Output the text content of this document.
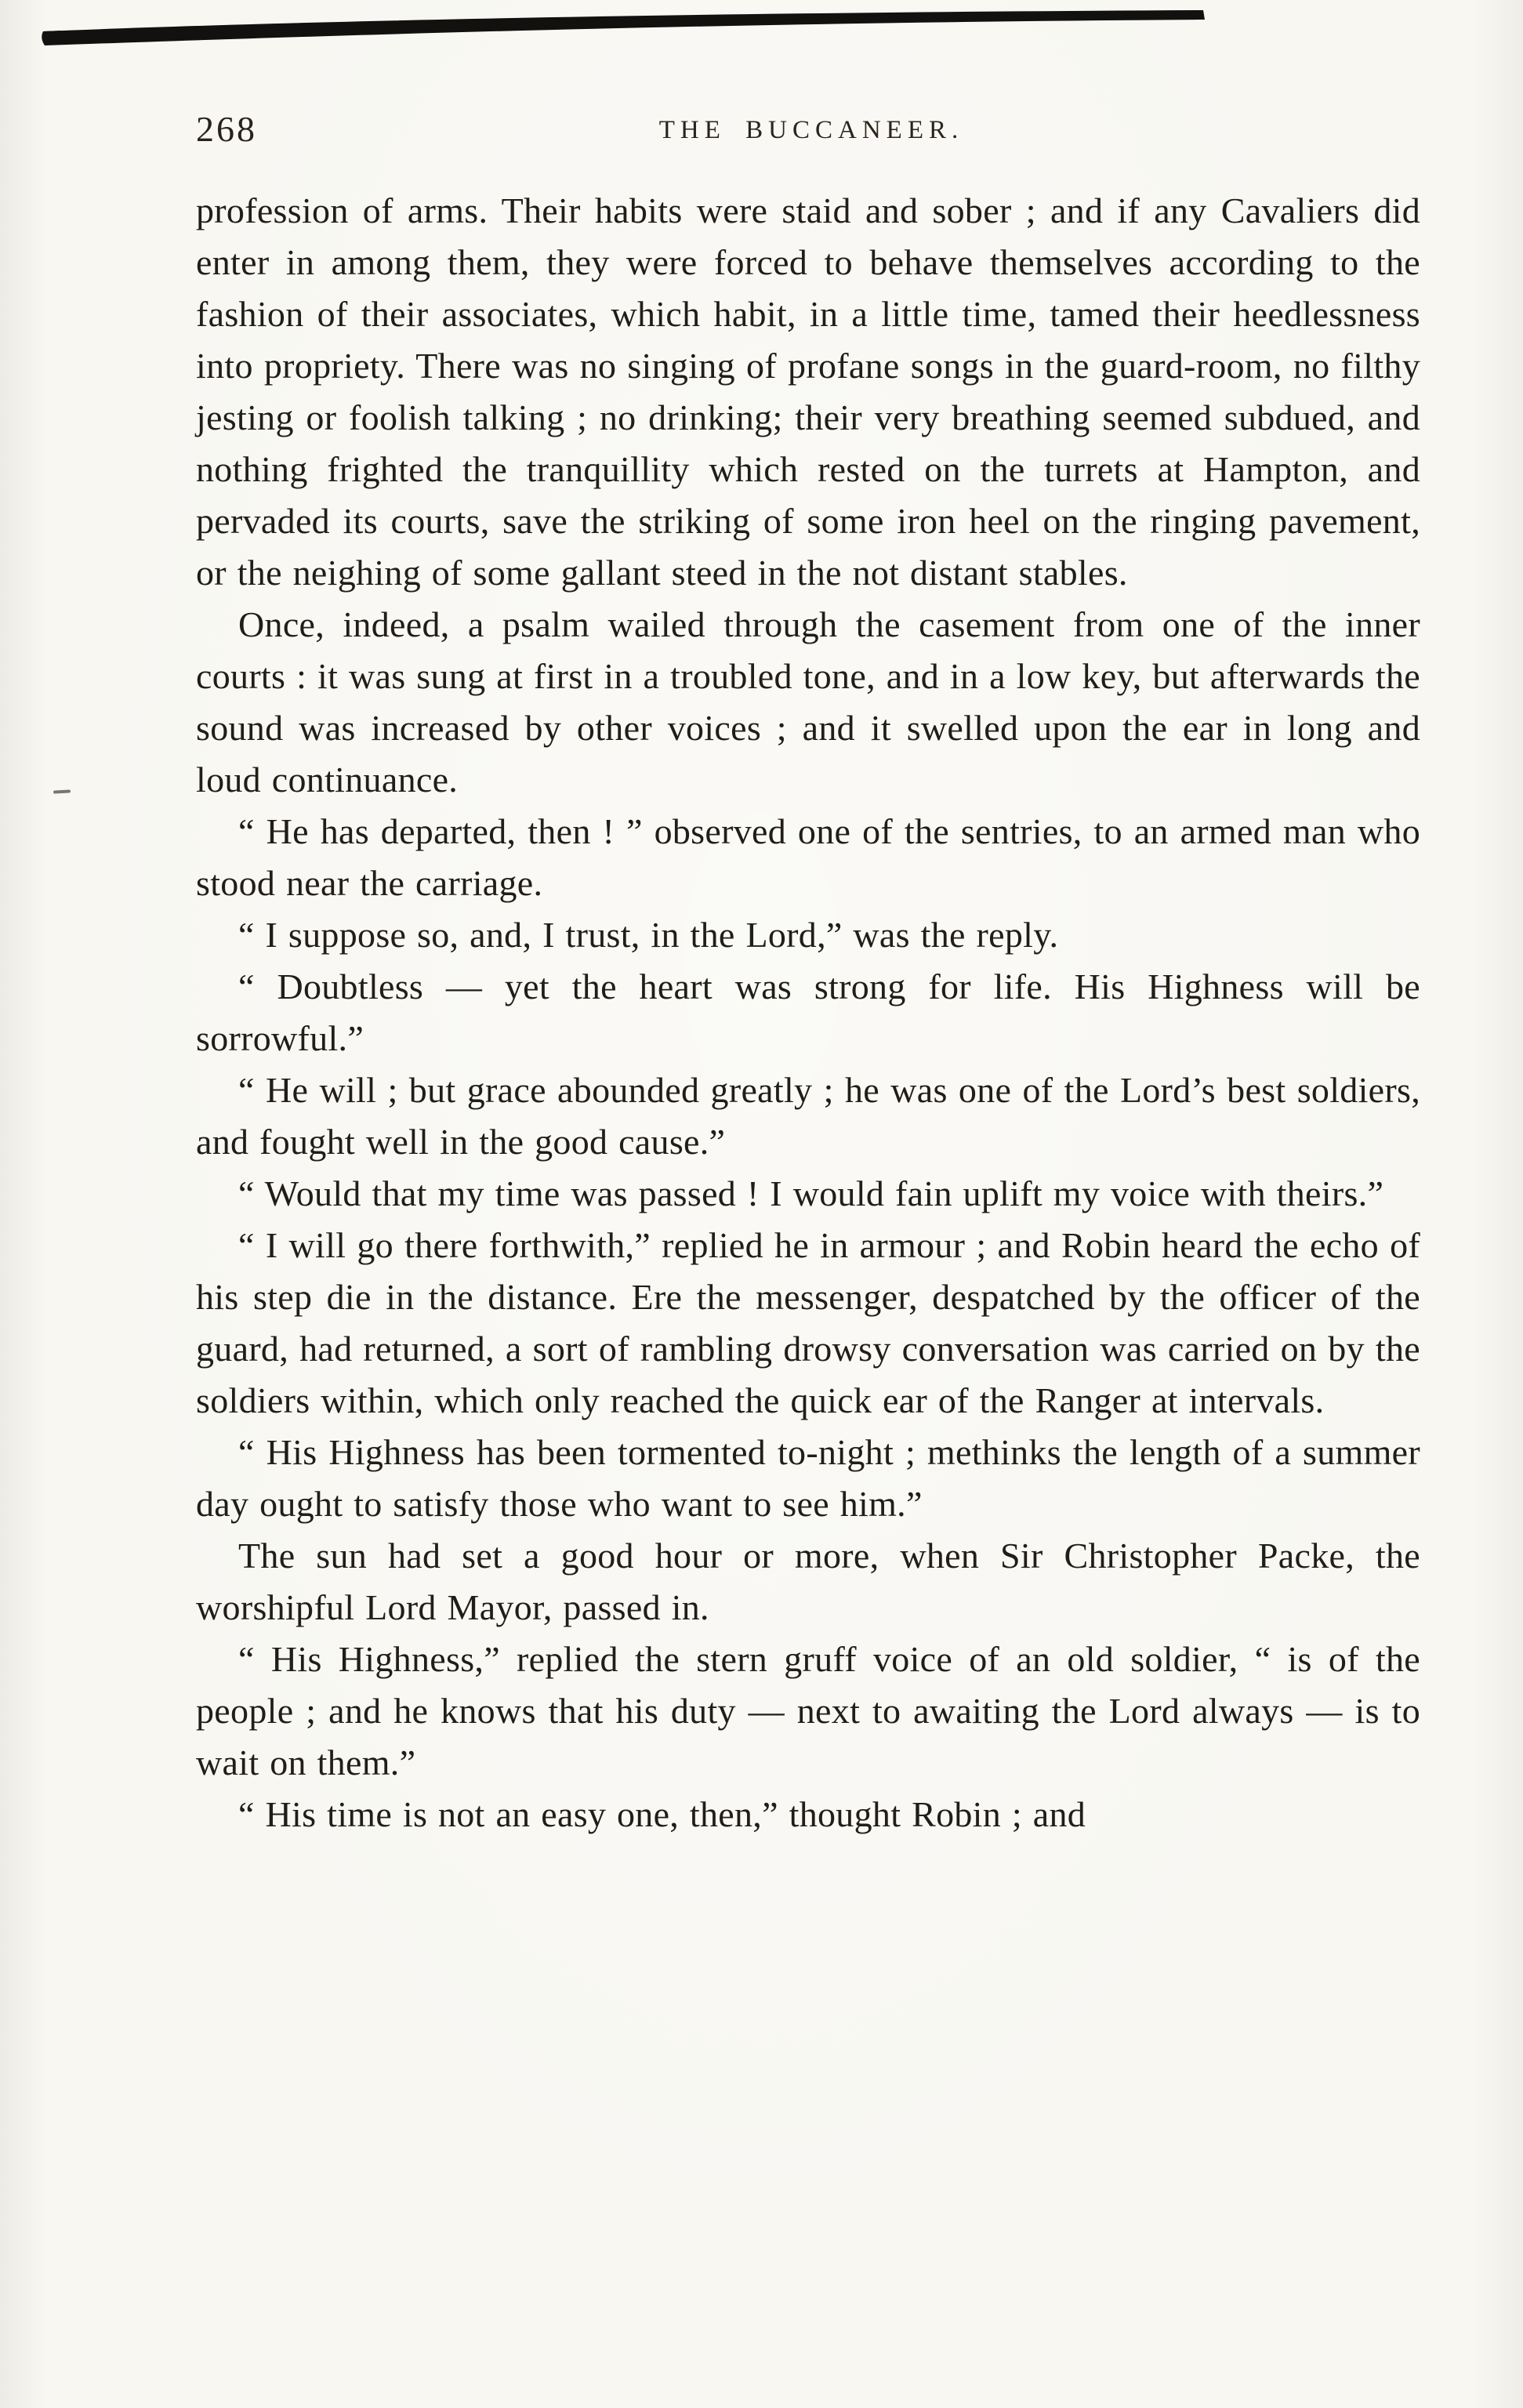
268	THE BUCCANEER.

profession of arms. Their habits were staid and sober ; and if any Cavaliers did enter in among them, they were forced to behave themselves according to the fashion of their associates, which habit, in a little time, tamed their heedlessness into propriety. There was no singing of profane songs in the guard-room, no filthy jesting or foolish talking ; no drinking; their very breathing seemed subdued, and nothing frighted the tranquillity which rested on the turrets at Hampton, and pervaded its courts, save the striking of some iron heel on the ringing pavement, or the neighing of some gallant steed in the not distant stables.

Once, indeed, a psalm wailed through the casement from one of the inner courts : it was sung at first in a troubled tone, and in a low key, but afterwards the sound was increased by other voices ; and it swelled upon the ear in long and loud continuance.

“ He has departed, then ! ” observed one of the sentries, to an armed man who stood near the carriage.

“ I suppose so, and, I trust, in the Lord,” was the reply.

“ Doubtless — yet the heart was strong for life. His Highness will be sorrowful.”

“ He will ; but grace abounded greatly ; he was one of the Lord’s best soldiers, and fought well in the good cause.”

“ Would that my time was passed ! I would fain uplift my voice with theirs.”

“ I will go there forthwith,” replied he in armour ; and Robin heard the echo of his step die in the distance. Ere the messenger, despatched by the officer of the guard, had returned, a sort of rambling drowsy conversation was carried on by the soldiers within, which only reached the quick ear of the Ranger at intervals.

“ His Highness has been tormented to-night ; methinks the length of a summer day ought to satisfy those who want to see him.”

The sun had set a good hour or more, when Sir Christopher Packe, the worshipful Lord Mayor, passed in.

“ His Highness,” replied the stern gruff voice of an old soldier, “ is of the people ; and he knows that his duty — next to awaiting the Lord always — is to wait on them.”

“ His time is not an easy one, then,” thought Robin ; and
